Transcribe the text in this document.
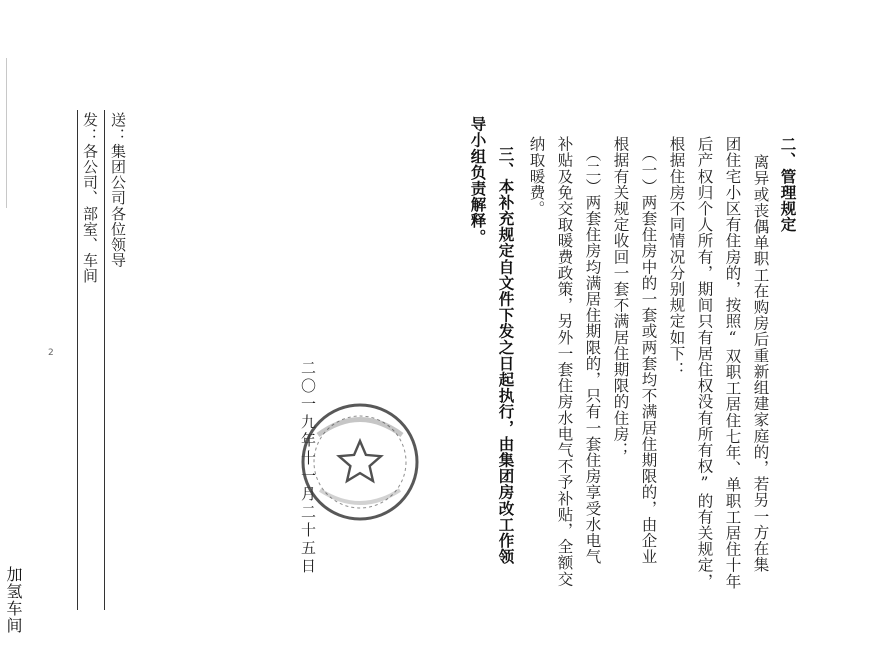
二、管理规定
离异或丧偶单职工在购房后重新组建家庭的，若另一方在集
团住宅小区有住房的，按照“双职工居住七年、单职工居住十年
后产权归个人所有，期间只有居住权没有所有权”的有关规定，
根据住房不同情况分别规定如下：
（一）两套住房中的一套或两套均不满居住期限的，由企业
根据有关规定收回一套不满居住期限的住房；
（二）两套住房均满居住期限的，只有一套住房享受水电气
补贴及免交取暖费政策，另外一套住房水电气不予补贴，全额交
纳取暖费。
三、本补充规定自文件下发之日起执行，由集团房改工作领
导小组负责解释。
二〇一九年十一月二十五日
2
送：集团公司各位领导
发：各公司、部室、车间
加氢车间
